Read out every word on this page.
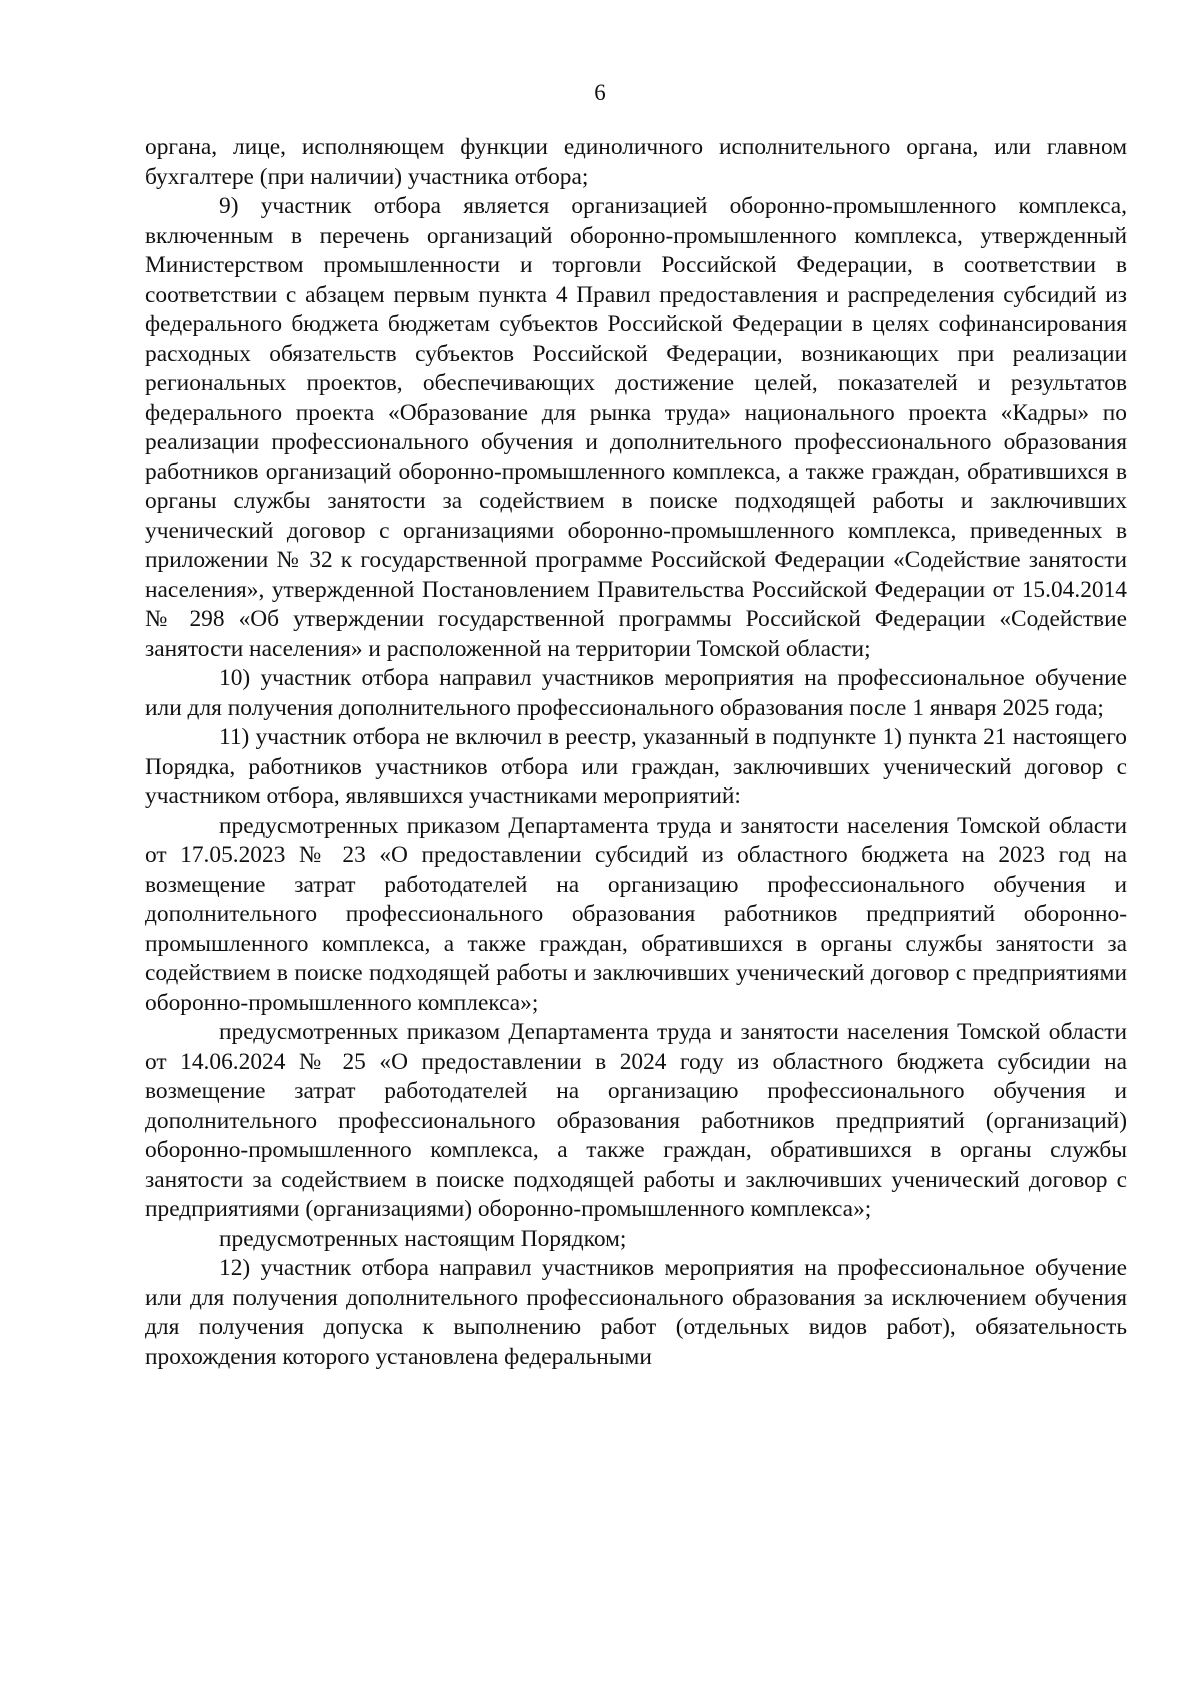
6

органа, лице, исполняющем функции единоличного исполнительного органа, или главном бухгалтере (при наличии) участника отбора;

9) участник отбора является организацией оборонно-промышленного комплекса, включенным в перечень организаций оборонно-промышленного комплекса, утвержденный Министерством промышленности и торговли Российской Федерации, в соответствии в соответствии с абзацем первым пункта 4 Правил предоставления и распределения субсидий из федерального бюджета бюджетам субъектов Российской Федерации в целях софинансирования расходных обязательств субъектов Российской Федерации, возникающих при реализации региональных проектов, обеспечивающих достижение целей, показателей и результатов федерального проекта «Образование для рынка труда» национального проекта «Кадры» по реализации профессионального обучения и дополнительного профессионального образования работников организаций оборонно-промышленного комплекса, а также граждан, обратившихся в органы службы занятости за содействием в поиске подходящей работы и заключивших ученический договор с организациями оборонно-промышленного комплекса, приведенных в приложении № 32 к государственной программе Российской Федерации «Содействие занятости населения», утвержденной Постановлением Правительства Российской Федерации от 15.04.2014 № 298 «Об утверждении государственной программы Российской Федерации «Содействие занятости населения» и расположенной на территории Томской области;

10) участник отбора направил участников мероприятия на профессиональное обучение или для получения дополнительного профессионального образования после 1 января 2025 года;

11) участник отбора не включил в реестр, указанный в подпункте 1) пункта 21 настоящего Порядка, работников участников отбора или граждан, заключивших ученический договор с участником отбора, являвшихся участниками мероприятий:

предусмотренных приказом Департамента труда и занятости населения Томской области от 17.05.2023 № 23 «О предоставлении субсидий из областного бюджета на 2023 год на возмещение затрат работодателей на организацию профессионального обучения и дополнительного профессионального образования работников предприятий оборонно-промышленного комплекса, а также граждан, обратившихся в органы службы занятости за содействием в поиске подходящей работы и заключивших ученический договор с предприятиями оборонно-промышленного комплекса»;

предусмотренных приказом Департамента труда и занятости населения Томской области от 14.06.2024 № 25 «О предоставлении в 2024 году из областного бюджета субсидии на возмещение затрат работодателей на организацию профессионального обучения и дополнительного профессионального образования работников предприятий (организаций) оборонно-промышленного комплекса, а также граждан, обратившихся в органы службы занятости за содействием в поиске подходящей работы и заключивших ученический договор с предприятиями (организациями) оборонно-промышленного комплекса»;

предусмотренных настоящим Порядком;

12) участник отбора направил участников мероприятия на профессиональное обучение или для получения дополнительного профессионального образования за исключением обучения для получения допуска к выполнению работ (отдельных видов работ), обязательность прохождения которого установлена федеральными
